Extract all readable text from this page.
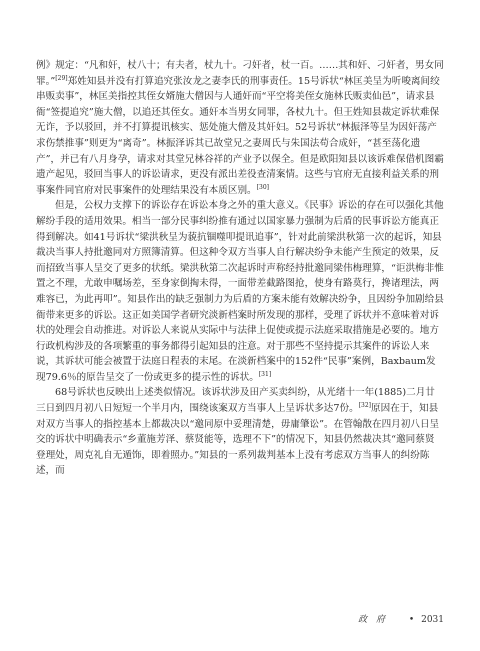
例》规定：“凡和奸，杖八十；有夫者，杖九十。刁奸者，杖一百。……其和奸、刁奸者，男女同罪。”[29]郑姓知县并没有打算追究张汝龙之妻李氏的刑事责任。15号诉状“林匡美呈为听唆离间绞串贩卖事”，林匡美指控其侄女婿施大僧因与人通奸而“平空将美侄女施林氏贩卖仙邑”，请求县衙“签提追究”施大僧，以追还其侄女。通奸本当男女同罪，各杖九十。但王姓知县裁定诉状难保无诈，予以驳回，并不打算提讯核实、惩处施大僧及其奸妇。52号诉状“林振泽等呈为因奸荡产求伤禁推事”则更为“离奇”。林振泽诉其已故堂兄之妻周氏与朱国法苟合成奸，“甚至荡化遗产”，并已有八月身孕，请求对其堂兄林谷祥的产业予以保全。但是欧阳知县以该诉难保借机图霸遗产起见，驳回当事人的诉讼请求，更没有派出差役查清案情。这些与官府无直接利益关系的刑事案件同官府对民事案件的处理结果没有本质区别。[30]

但是，公权力支撑下的诉讼存在诉讼本身之外的重大意义。《民事》诉讼的存在可以强化其他解纷手段的适用效果。相当一部分民事纠纷推有通过以国家暴力强制为后盾的民事诉讼方能真正得到解决。如41号诉状“梁洪秋呈为藐抗锢噬叩提讯追事”，针对此前梁洪秋第一次的起诉，知县裁决当事人持批邀同对方照簿清算。但这种令双方当事人自行解决纷争未能产生预定的效果，反而招致当事人呈交了更多的状纸。梁洪秋第二次起诉时声称经持批邀同梁伟梅理算，“讵洪梅非惟置之不理，尤敢申嘱场差，至身家倒掏未得，一面带差截路图抢，使身有路莫行，搀诸理法，两难容已，为此再叩”。知县作出的缺乏强制力为后盾的方案未能有效解决纷争，且因纷争加剧给县衙带来更多的诉讼。这正如美国学者研究淡新档案时所发现的那样，受理了诉状并不意味着对诉状的处理会自动推进。对诉讼人来说从实际中与法律上促使或提示法庭采取措施是必要的。地方行政机构涉及的各项繁重的事务都得引起知县的注意。对于那些不坚持提示其案件的诉讼人来说，其诉状可能会被置于法庭日程表的末尾。在淡新档案中的152件“民事”案例，Baxbaum发现79.6％的原告呈交了一份或更多的提示性的诉状。[31]

68号诉状也反映出上述类似情况。该诉状涉及田产买卖纠纷，从光绪十一年(1885)二月廿三日到四月初八日短短一个半月内，围绕该案双方当事人上呈诉状多达7份。[32]原因在于，知县对双方当事人的指控基本上都裁决以“邀同原中妥理清楚，毋庸肇讼”。在管翰散在四月初八日呈交的诉状中明确表示“乡董施芳泽、蔡贤能等，选理不下”的情况下，知县仍然裁决其“邀同蔡贤登理处，周克礼自无遁饰，即着照办。”知县的一系列裁判基本上没有考虑双方当事人的纠纷陈述，而

政 府 • 2031
